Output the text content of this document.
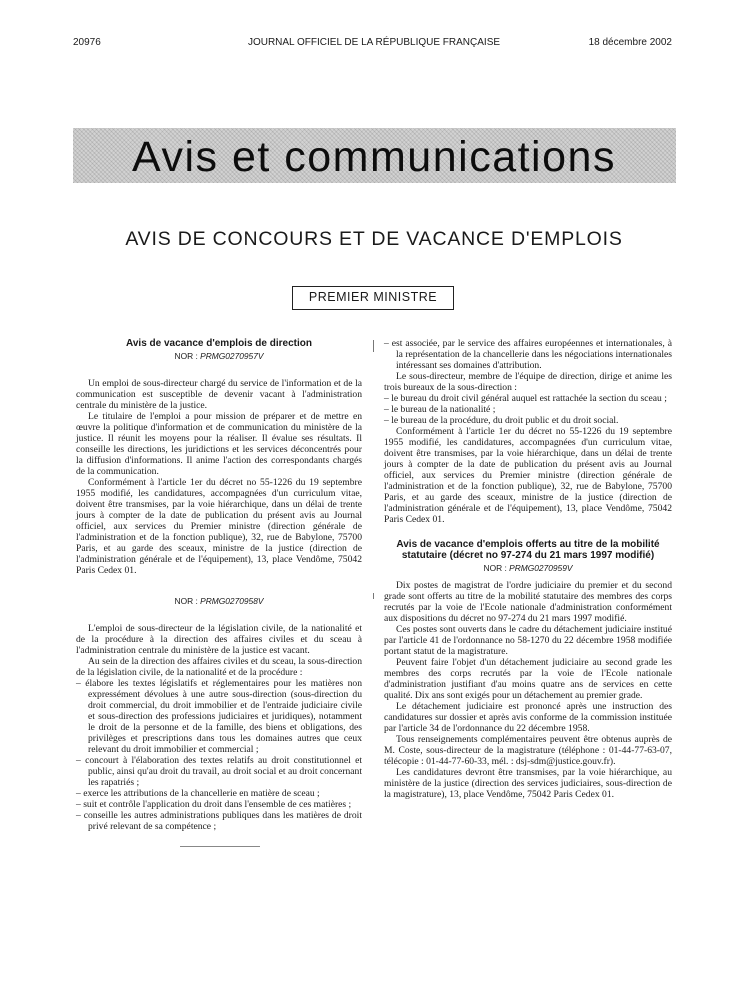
20976	JOURNAL OFFICIEL DE LA RÉPUBLIQUE FRANÇAISE	18 décembre 2002
Avis et communications
AVIS DE CONCOURS ET DE VACANCE D'EMPLOIS
PREMIER MINISTRE

Avis de vacance d'emplois de direction

NOR : PRMG0270957V

Un emploi de sous-directeur chargé du service de l'information et de la communication est susceptible de devenir vacant à l'administration centrale du ministère de la justice.

Le titulaire de l'emploi a pour mission de préparer et de mettre en œuvre la politique d'information et de communication du ministère de la justice. Il réunit les moyens pour la réaliser. Il évalue ses résultats. Il conseille les directions, les juridictions et les services déconcentrés pour la diffusion d'informations. Il anime l'action des correspondants chargés de la communication.

Conformément à l'article 1er du décret no 55-1226 du 19 septembre 1955 modifié, les candidatures, accompagnées d'un curriculum vitae, doivent être transmises, par la voie hiérarchique, dans un délai de trente jours à compter de la date de publication du présent avis au Journal officiel, aux services du Premier ministre (direction générale de l'administration et de la fonction publique), 32, rue de Babylone, 75700 Paris, et au garde des sceaux, ministre de la justice (direction de l'administration générale et de l'équipement), 13, place Vendôme, 75042 Paris Cedex 01.

NOR : PRMG0270958V

L'emploi de sous-directeur de la législation civile, de la nationalité et de la procédure à la direction des affaires civiles et du sceau à l'administration centrale du ministère de la justice est vacant.

Au sein de la direction des affaires civiles et du sceau, la sous-direction de la législation civile, de la nationalité et de la procédure :

– élabore les textes législatifs et réglementaires pour les matières non expressément dévolues à une autre sous-direction (sous-direction du droit commercial, du droit immobilier et de l'entraide judiciaire civile et sous-direction des professions judiciaires et juridiques), notamment le droit de la personne et de la famille, des biens et obligations, des privilèges et prescriptions dans tous les domaines autres que ceux relevant du droit immobilier et commercial ;
– concourt à l'élaboration des textes relatifs au droit constitutionnel et public, ainsi qu'au droit du travail, au droit social et au droit concernant les rapatriés ;
– exerce les attributions de la chancellerie en matière de sceau ;
– suit et contrôle l'application du droit dans l'ensemble de ces matières ;
– conseille les autres administrations publiques dans les matières de droit privé relevant de sa compétence ;
– est associée, par le service des affaires européennes et internationales, à la représentation de la chancellerie dans les négociations internationales intéressant ses domaines d'attribution.

Le sous-directeur, membre de l'équipe de direction, dirige et anime les trois bureaux de la sous-direction :

– le bureau du droit civil général auquel est rattachée la section du sceau ;
– le bureau de la nationalité ;
– le bureau de la procédure, du droit public et du droit social.

Conformément à l'article 1er du décret no 55-1226 du 19 septembre 1955 modifié, les candidatures, accompagnées d'un curriculum vitae, doivent être transmises, par la voie hiérarchique, dans un délai de trente jours à compter de la date de publication du présent avis au Journal officiel, aux services du Premier ministre (direction générale de l'administration et de la fonction publique), 32, rue de Babylone, 75700 Paris, et au garde des sceaux, ministre de la justice (direction de l'administration générale et de l'équipement), 13, place Vendôme, 75042 Paris Cedex 01.

Avis de vacance d'emplois offerts au titre de la mobilité statutaire (décret no 97-274 du 21 mars 1997 modifié)

NOR : PRMG0270959V

Dix postes de magistrat de l'ordre judiciaire du premier et du second grade sont offerts au titre de la mobilité statutaire des membres des corps recrutés par la voie de l'Ecole nationale d'administration conformément aux dispositions du décret no 97-274 du 21 mars 1997 modifié.

Ces postes sont ouverts dans le cadre du détachement judiciaire institué par l'article 41 de l'ordonnance no 58-1270 du 22 décembre 1958 modifiée portant statut de la magistrature.

Peuvent faire l'objet d'un détachement judiciaire au second grade les membres des corps recrutés par la voie de l'Ecole nationale d'administration justifiant d'au moins quatre ans de services en cette qualité. Dix ans sont exigés pour un détachement au premier grade.

Le détachement judiciaire est prononcé après une instruction des candidatures sur dossier et après avis conforme de la commission instituée par l'article 34 de l'ordonnance du 22 décembre 1958.

Tous renseignements complémentaires peuvent être obtenus auprès de M. Coste, sous-directeur de la magistrature (téléphone : 01-44-77-63-07, télécopie : 01-44-77-60-33, mél. : dsj-sdm@justice.gouv.fr).

Les candidatures devront être transmises, par la voie hiérarchique, au ministère de la justice (direction des services judiciaires, sous-direction de la magistrature), 13, place Vendôme, 75042 Paris Cedex 01.
